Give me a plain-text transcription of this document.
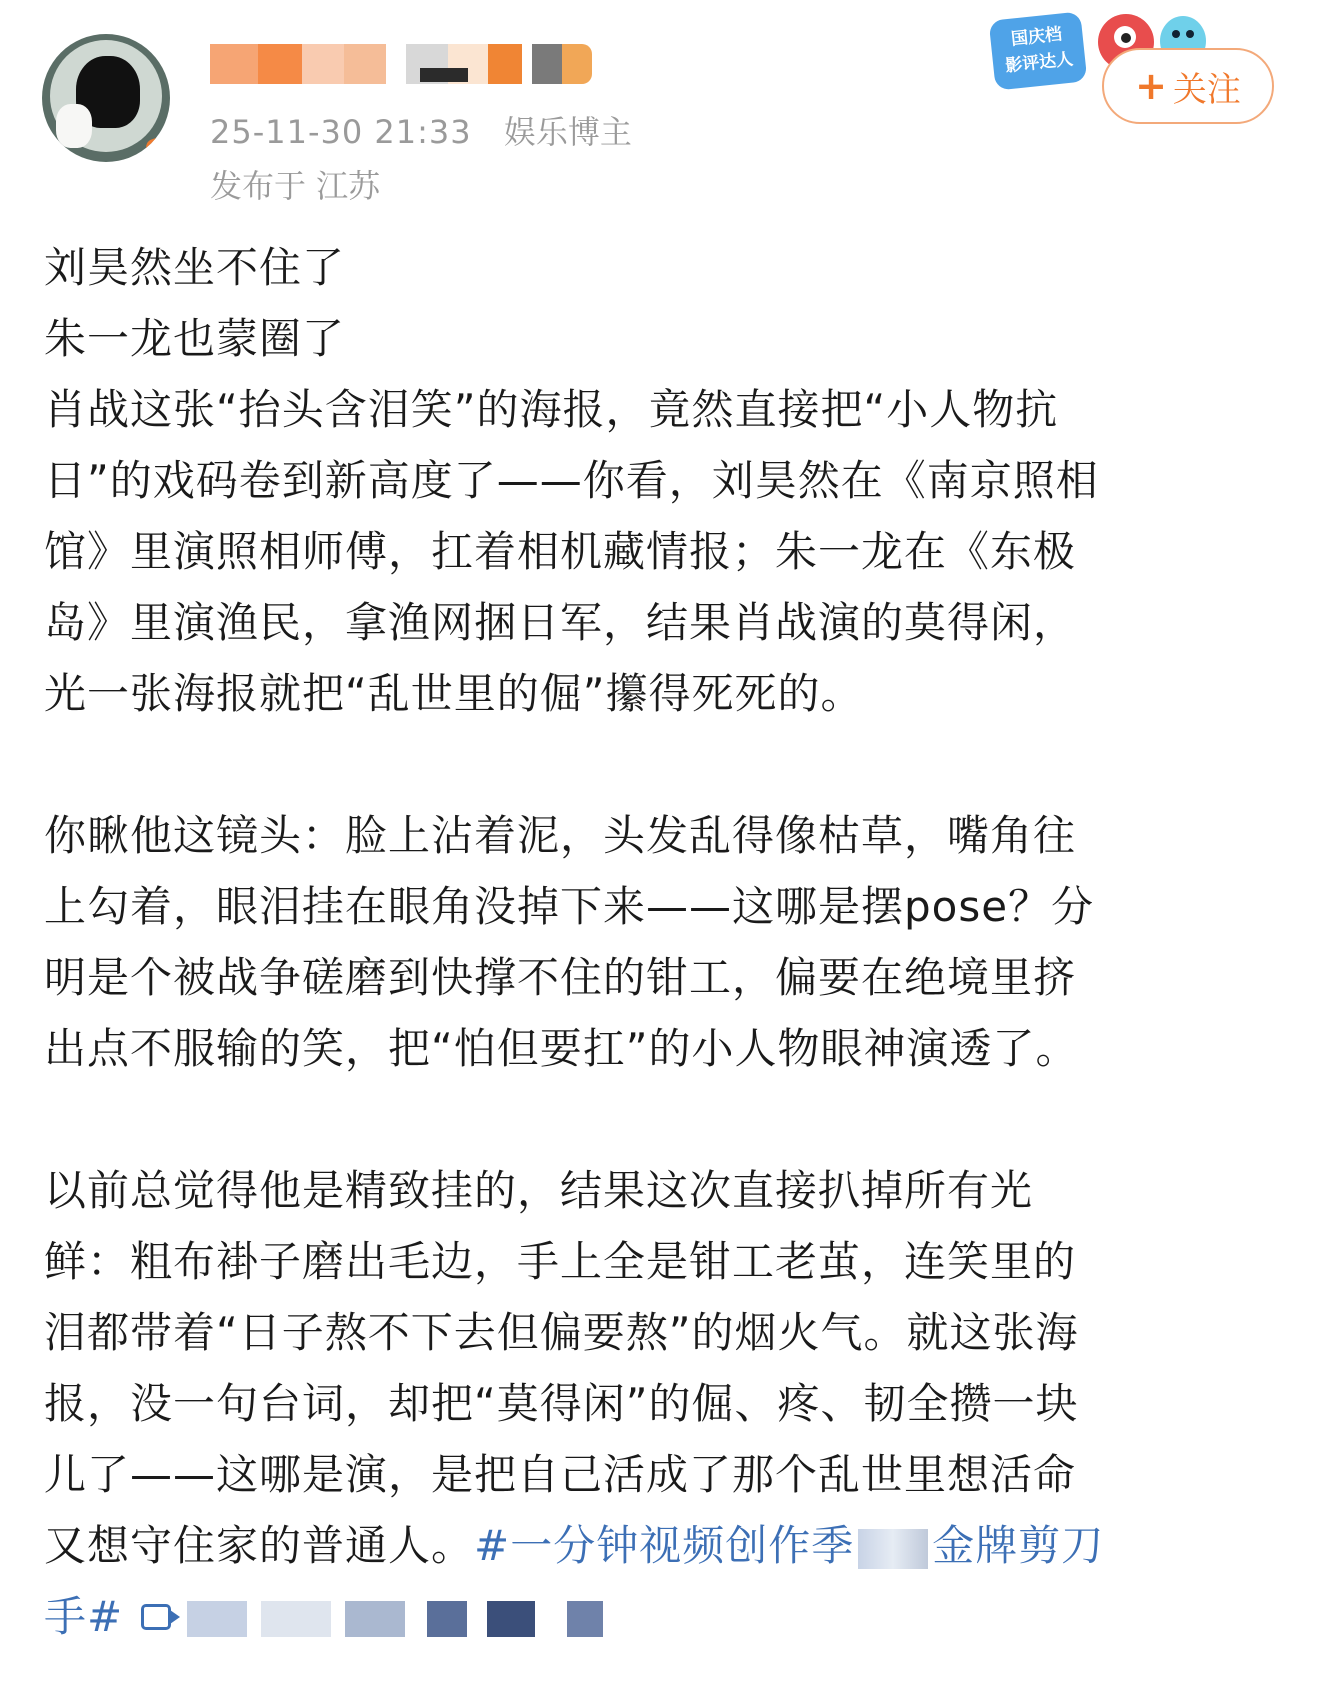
25-11-30 21:33 娱乐博主
发布于 江苏
国庆档
影评达人
+ 关注

刘昊然坐不住了

朱一龙也蒙圈了

肖战这张“抬头含泪笑”的海报，竟然直接把“小人物抗

日”的戏码卷到新高度了——你看，刘昊然在《南京照相

馆》里演照相师傅，扛着相机藏情报；朱一龙在《东极

岛》里演渔民，拿渔网捆日军，结果肖战演的莫得闲，

光一张海报就把“乱世里的倔”攥得死死的。

你瞅他这镜头：脸上沾着泥，头发乱得像枯草，嘴角往

上勾着，眼泪挂在眼角没掉下来——这哪是摆pose？分

明是个被战争磋磨到快撑不住的钳工，偏要在绝境里挤

出点不服输的笑，把“怕但要扛”的小人物眼神演透了。

以前总觉得他是精致挂的，结果这次直接扒掉所有光

鲜：粗布褂子磨出毛边，手上全是钳工老茧，连笑里的

泪都带着“日子熬不下去但偏要熬”的烟火气。就这张海

报，没一句台词，却把“莫得闲”的倔、疼、韧全攒一块

儿了——这哪是演，是把自己活成了那个乱世里想活命

又想守住家的普通人。#一分钟视频创作季 金牌剪刀

手#
